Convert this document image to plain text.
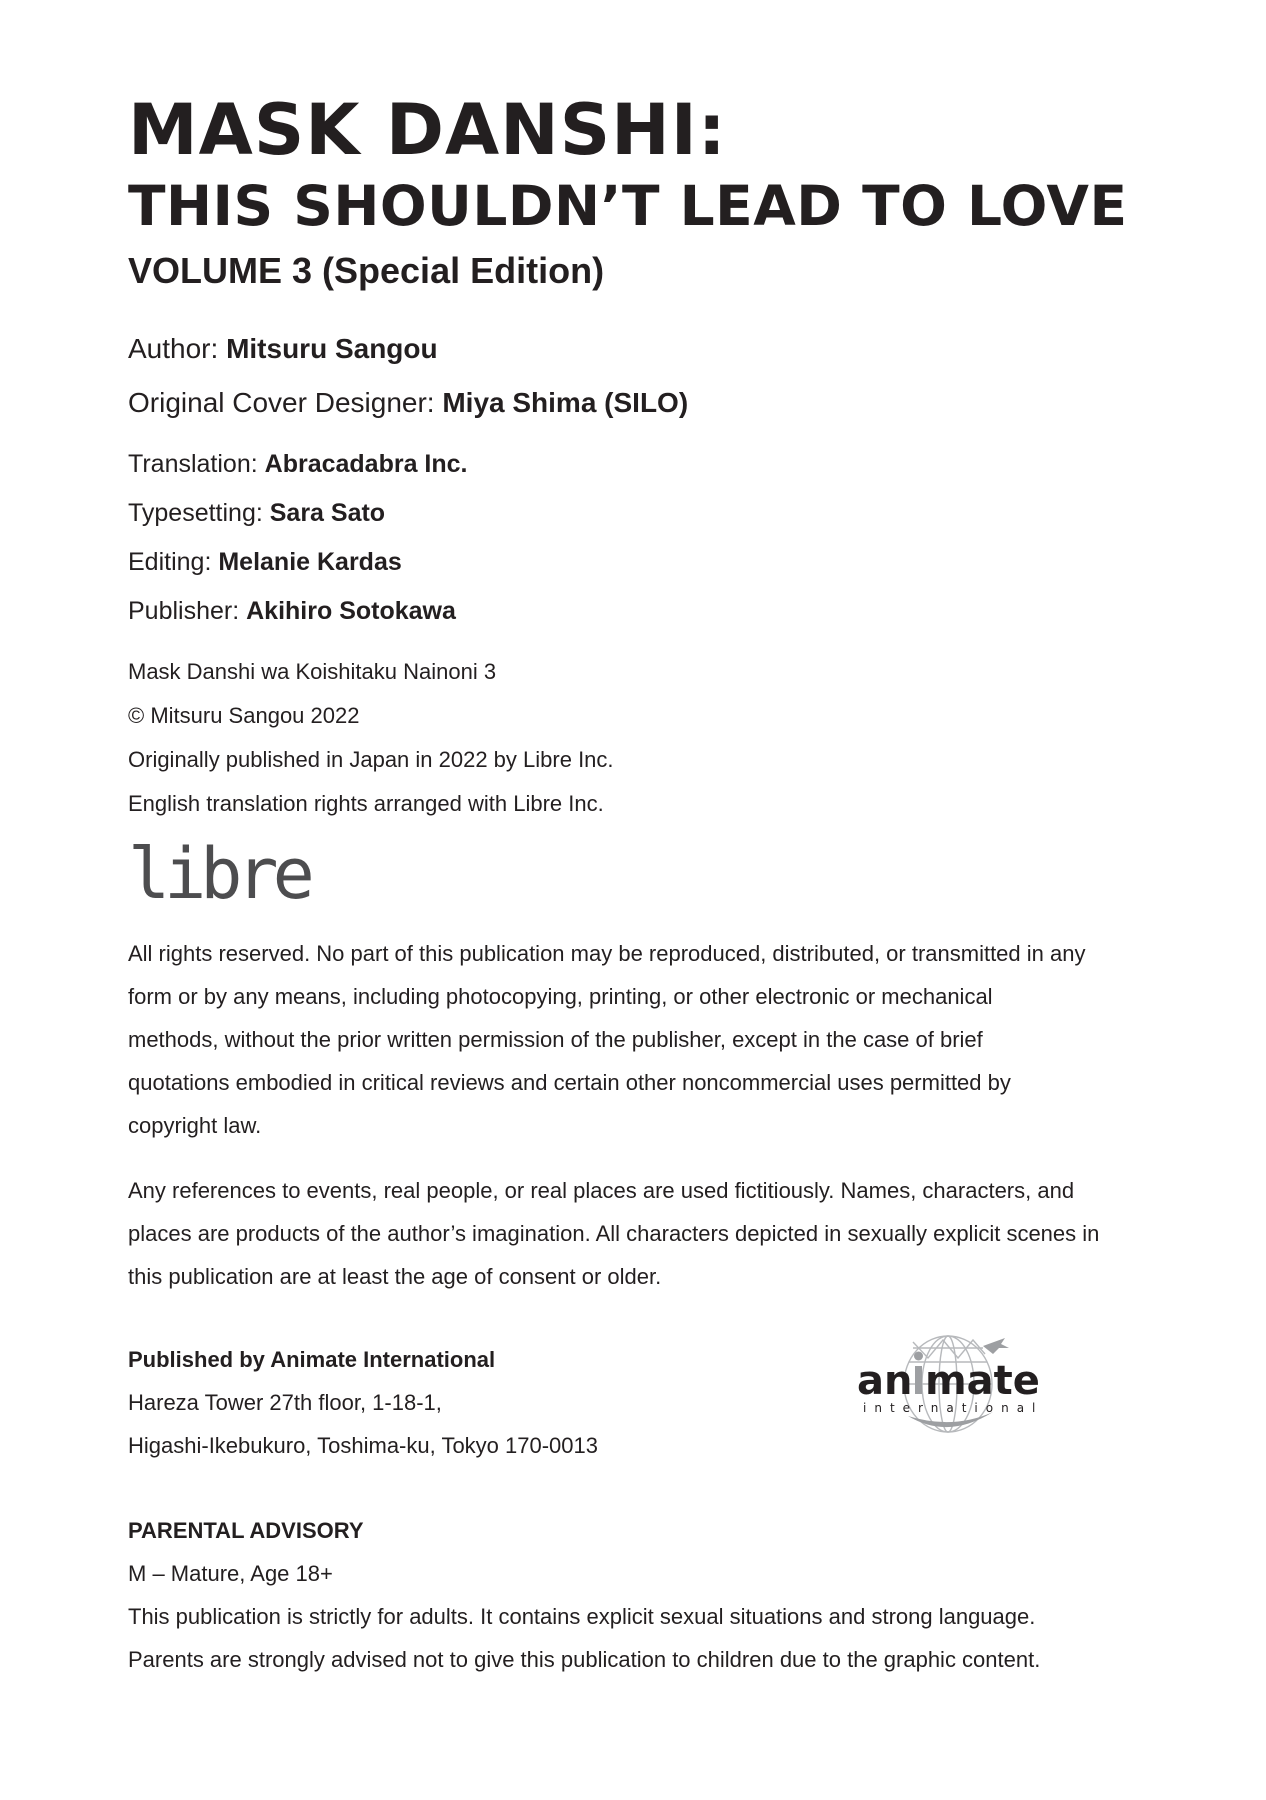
MASK DANSHI:
THIS SHOULDN’T LEAD TO LOVE
VOLUME 3 (Special Edition)

Author: Mitsuru Sangou

Original Cover Designer: Miya Shima (SILO)

Translation: Abracadabra Inc.

Typesetting: Sara Sato

Editing: Melanie Kardas

Publisher: Akihiro Sotokawa

Mask Danshi wa Koishitaku Nainoni 3

© Mitsuru Sangou 2022

Originally published in Japan in 2022 by Libre Inc.

English translation rights arranged with Libre Inc.

libre

All rights reserved. No part of this publication may be reproduced, distributed, or transmitted in any

form or by any means, including photocopying, printing, or other electronic or mechanical

methods, without the prior written permission of the publisher, except in the case of brief

quotations embodied in critical reviews and certain other noncommercial uses permitted by

copyright law.

Any references to events, real people, or real places are used fictitiously. Names, characters, and

places are products of the author’s imagination. All characters depicted in sexually explicit scenes in

this publication are at least the age of consent or older.

Published by Animate International

Hareza Tower 27th floor, 1-18-1,

Higashi-Ikebukuro, Toshima-ku, Tokyo 170-0013

an mate
international

PARENTAL ADVISORY

M – Mature, Age 18+

This publication is strictly for adults. It contains explicit sexual situations and strong language.

Parents are strongly advised not to give this publication to children due to the graphic content.
